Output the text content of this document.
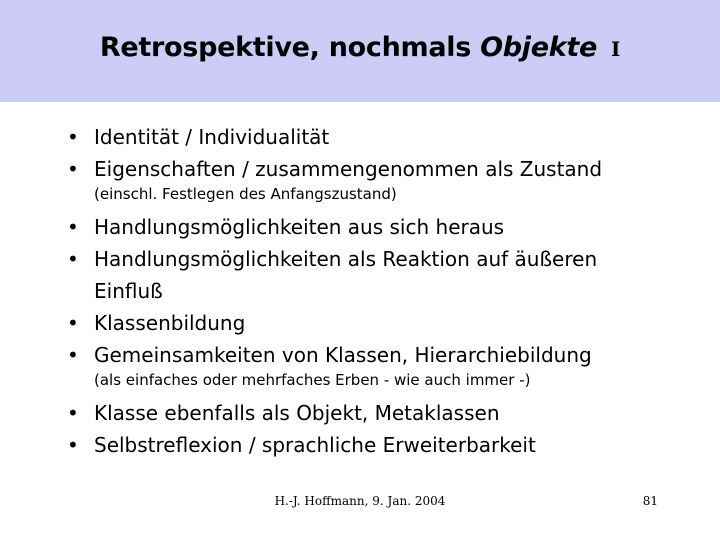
Retrospektive, nochmals Objekte I
• Identität / Individualität
• Eigenschaften / zusammengenommen als Zustand
(einschl. Festlegen des Anfangszustand)
• Handlungsmöglichkeiten aus sich heraus
• Handlungsmöglichkeiten als Reaktion auf äußeren
Einfluß
• Klassenbildung
• Gemeinsamkeiten von Klassen, Hierarchiebildung
(als einfaches oder mehrfaches Erben - wie auch immer -)
• Klasse ebenfalls als Objekt, Metaklassen
• Selbstreflexion / sprachliche Erweiterbarkeit
H.-J. Hoffmann, 9. Jan. 2004	81
